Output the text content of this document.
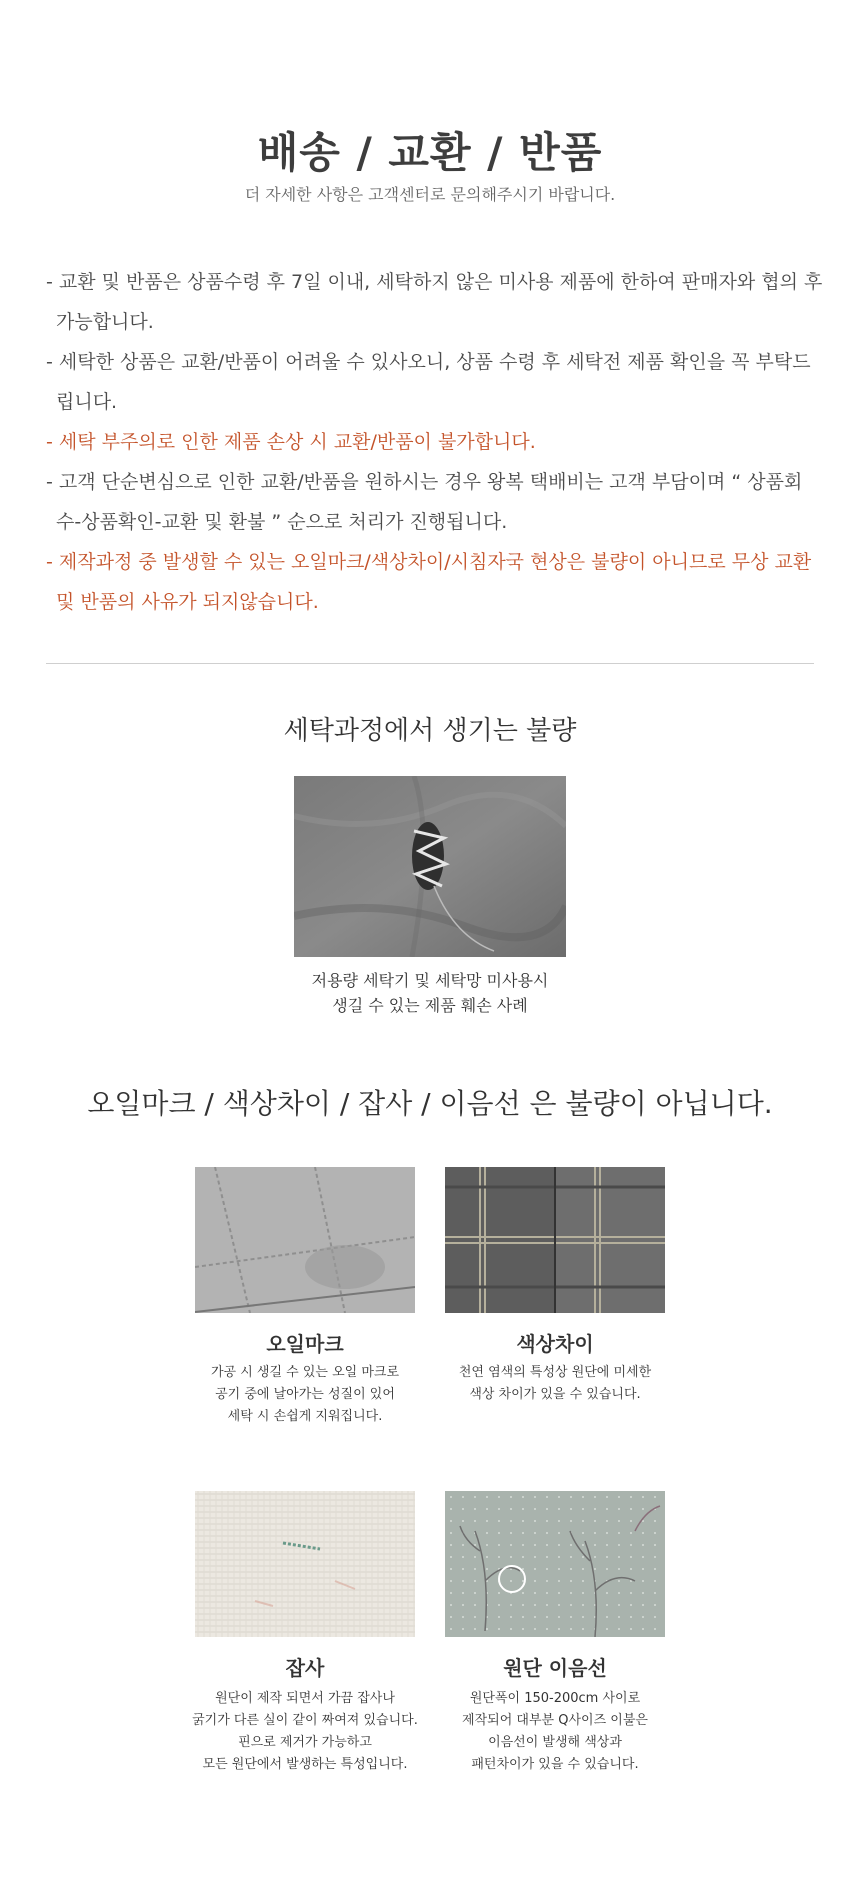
배송 / 교환 / 반품

더 자세한 사항은 고객센터로 문의해주시기 바랍니다.

- 교환 및 반품은 상품수령 후 7일 이내, 세탁하지 않은 미사용 제품에 한하여 판매자와 협의 후 가능합니다.
- 세탁한 상품은 교환/반품이 어려울 수 있사오니, 상품 수령 후 세탁전 제품 확인을 꼭 부탁드립니다.
- 세탁 부주의로 인한 제품 손상 시 교환/반품이 불가합니다.
- 고객 단순변심으로 인한 교환/반품을 원하시는 경우 왕복 택배비는 고객 부담이며 “ 상품회수-상품확인-교환 및 환불 ” 순으로 처리가 진행됩니다.
- 제작과정 중 발생할 수 있는 오일마크/색상차이/시침자국 현상은 불량이 아니므로 무상 교환 및 반품의 사유가 되지않습니다.
세탁과정에서 생기는 불량

저용량 세탁기 및 세탁망 미사용시
생길 수 있는 제품 훼손 사례

오일마크 / 색상차이 / 잡사 / 이음선 은 불량이 아닙니다.
오일마크

가공 시 생길 수 있는 오일 마크로
공기 중에 날아가는 성질이 있어
세탁 시 손쉽게 지워집니다.

색상차이

천연 염색의 특성상 원단에 미세한
색상 차이가 있을 수 있습니다.

잡사

원단이 제작 되면서 가끔 잡사나
굵기가 다른 실이 같이 짜여져 있습니다.
핀으로 제거가 가능하고
모든 원단에서 발생하는 특성입니다.

원단 이음선

원단폭이 150-200cm 사이로
제작되어 대부분 Q사이즈 이불은
이음선이 발생해 색상과
패턴차이가 있을 수 있습니다.
